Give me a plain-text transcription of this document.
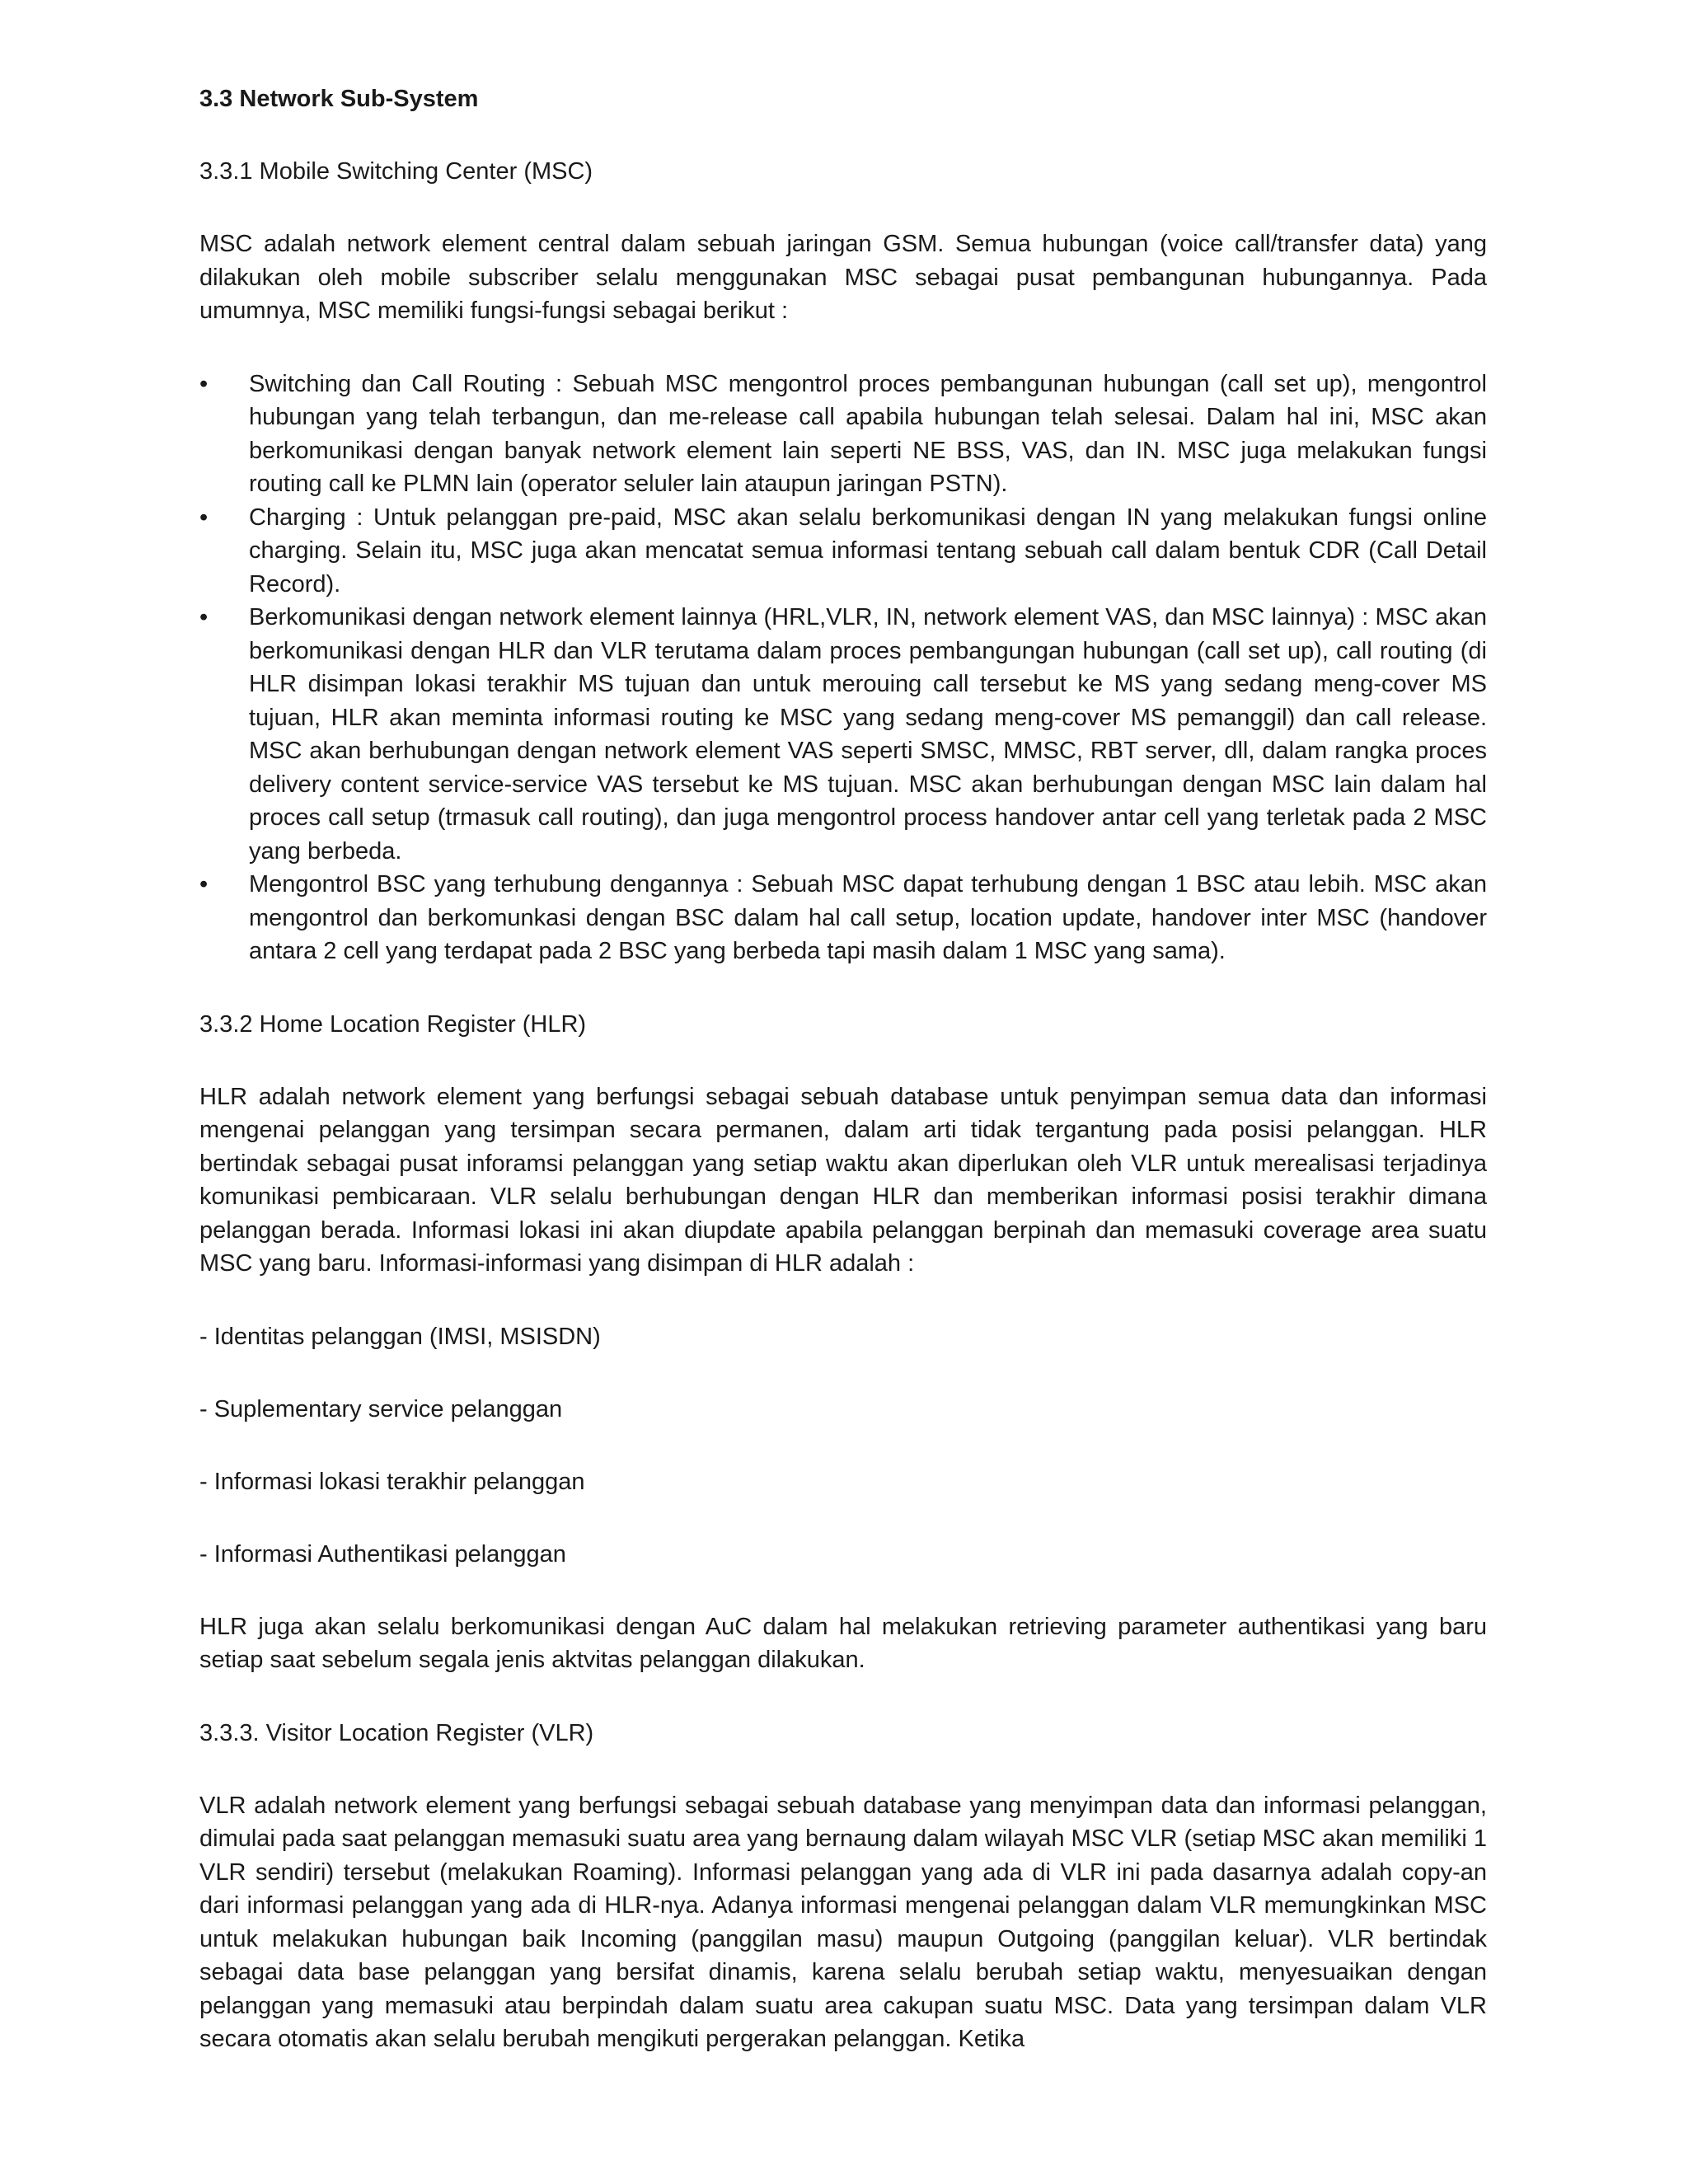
3.3 Network Sub-System
3.3.1 Mobile Switching Center (MSC)
MSC adalah network element central dalam sebuah jaringan GSM. Semua hubungan (voice call/transfer data) yang dilakukan oleh mobile subscriber selalu menggunakan MSC sebagai pusat pembangunan hubungannya. Pada umumnya, MSC memiliki fungsi-fungsi sebagai berikut :
•	Switching dan Call Routing : Sebuah MSC mengontrol proces pembangunan hubungan (call set up), mengontrol hubungan yang telah terbangun, dan me-release call apabila hubungan telah selesai. Dalam hal ini, MSC akan berkomunikasi dengan banyak network element lain seperti NE BSS, VAS, dan IN. MSC juga melakukan fungsi routing call ke PLMN lain (operator seluler lain ataupun jaringan PSTN).
•	Charging : Untuk pelanggan pre-paid, MSC akan selalu berkomunikasi dengan IN yang melakukan fungsi online charging. Selain itu, MSC juga akan mencatat semua informasi tentang sebuah call dalam bentuk CDR (Call Detail Record).
•	Berkomunikasi dengan network element lainnya (HRL,VLR, IN, network element VAS, dan MSC lainnya) : MSC akan berkomunikasi dengan HLR dan VLR terutama dalam proces pembangungan hubungan (call set up), call routing (di HLR disimpan lokasi terakhir MS tujuan dan untuk merouing call tersebut ke MS yang sedang meng-cover MS tujuan, HLR akan meminta informasi routing ke MSC yang sedang meng-cover MS pemanggil) dan call release. MSC akan berhubungan dengan network element VAS seperti SMSC, MMSC, RBT server, dll, dalam rangka proces delivery content service-service VAS tersebut ke MS tujuan. MSC akan berhubungan dengan MSC lain dalam hal proces call setup (trmasuk call routing), dan juga mengontrol process handover antar cell yang terletak pada 2 MSC yang berbeda.
•	Mengontrol BSC yang terhubung dengannya : Sebuah MSC dapat terhubung dengan 1 BSC atau lebih. MSC akan mengontrol dan berkomunkasi dengan BSC dalam hal call setup, location update, handover inter MSC (handover antara 2 cell yang terdapat pada 2 BSC yang berbeda tapi masih dalam 1 MSC yang sama).
3.3.2 Home Location Register (HLR)
HLR adalah network element yang berfungsi sebagai sebuah database untuk penyimpan semua data dan informasi mengenai pelanggan yang tersimpan secara permanen, dalam arti tidak tergantung pada posisi pelanggan. HLR bertindak sebagai pusat inforamsi pelanggan yang setiap waktu akan diperlukan oleh VLR untuk merealisasi terjadinya komunikasi pembicaraan. VLR selalu berhubungan dengan HLR dan memberikan informasi posisi terakhir dimana pelanggan berada. Informasi lokasi ini akan diupdate apabila pelanggan berpinah dan memasuki coverage area suatu MSC yang baru. Informasi-informasi yang disimpan di HLR adalah :
- Identitas pelanggan (IMSI, MSISDN)
- Suplementary service pelanggan
- Informasi lokasi terakhir pelanggan
- Informasi Authentikasi pelanggan
HLR juga akan selalu berkomunikasi dengan AuC dalam hal melakukan retrieving parameter authentikasi yang baru setiap saat sebelum segala jenis aktvitas pelanggan dilakukan.
3.3.3. Visitor Location Register (VLR)
VLR adalah network element yang berfungsi sebagai sebuah database yang menyimpan data dan informasi pelanggan, dimulai pada saat pelanggan memasuki suatu area yang bernaung dalam wilayah MSC VLR (setiap MSC akan memiliki 1 VLR sendiri) tersebut (melakukan Roaming). Informasi pelanggan yang ada di VLR ini pada dasarnya adalah copy-an dari informasi pelanggan yang ada di HLR-nya. Adanya informasi mengenai pelanggan dalam VLR memungkinkan MSC untuk melakukan hubungan baik Incoming (panggilan masu) maupun Outgoing (panggilan keluar). VLR bertindak sebagai data base pelanggan yang bersifat dinamis, karena selalu berubah setiap waktu, menyesuaikan dengan pelanggan yang memasuki atau berpindah dalam suatu area cakupan suatu MSC. Data yang tersimpan dalam VLR secara otomatis akan selalu berubah mengikuti pergerakan pelanggan. Ketika
